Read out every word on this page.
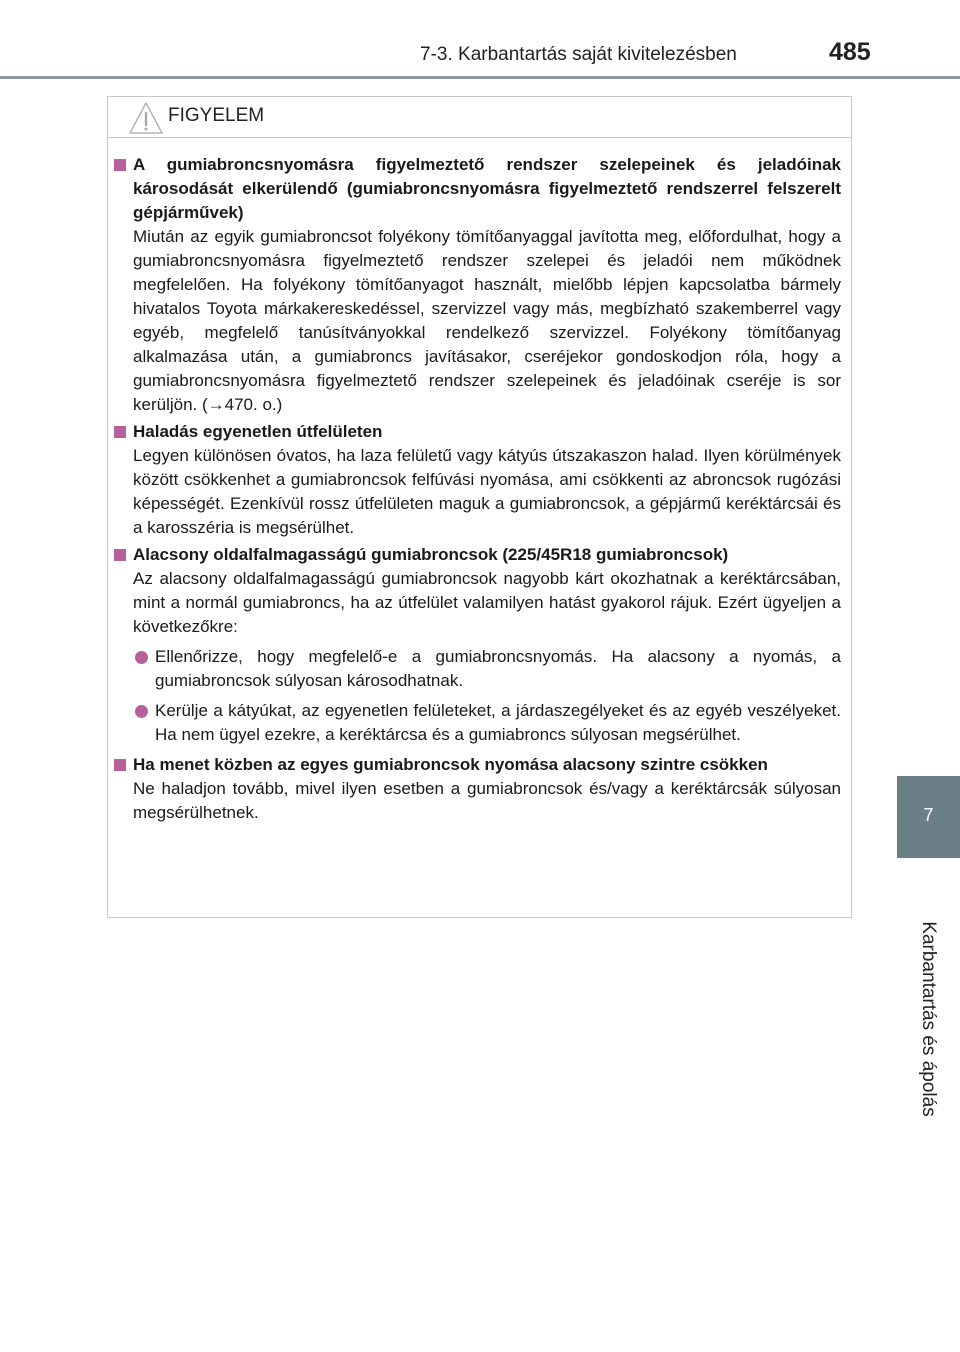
7-3. Karbantartás saját kivitelezésben	485
7
Karbantartás és ápolás
FIGYELEM
A gumiabroncsnyomásra figyelmeztető rendszer szelepeinek és jeladóinak károsodását elkerülendő (gumiabroncsnyomásra figyelmeztető rendszerrel felszerelt gépjárművek)
Miután az egyik gumiabroncsot folyékony tömítőanyaggal javította meg, előfordulhat, hogy a gumiabroncsnyomásra figyelmeztető rendszer szelepei és jeladói nem működnek megfelelően. Ha folyékony tömítőanyagot használt, mielőbb lépjen kapcsolatba bármely hivatalos Toyota márkakereskedéssel, szervizzel vagy más, megbízható szakemberrel vagy egyéb, megfelelő tanúsítványokkal rendelkező szervizzel. Folyékony tömítőanyag alkalmazása után, a gumiabroncs javításakor, cseréjekor gondoskodjon róla, hogy a gumiabroncsnyomásra figyelmeztető rendszer szelepeinek és jeladóinak cseréje is sor kerüljön. (→470. o.)
Haladás egyenetlen útfelületen
Legyen különösen óvatos, ha laza felületű vagy kátyús útszakaszon halad. Ilyen körülmények között csökkenhet a gumiabroncsok felfúvási nyomása, ami csökkenti az abroncsok rugózási képességét. Ezenkívül rossz útfelületen maguk a gumiabroncsok, a gépjármű keréktárcsái és a karosszéria is megsérülhet.
Alacsony oldalfalmagasságú gumiabroncsok (225/45R18 gumiabroncsok)
Az alacsony oldalfalmagasságú gumiabroncsok nagyobb kárt okozhatnak a keréktárcsában, mint a normál gumiabroncs, ha az útfelület valamilyen hatást gyakorol rájuk. Ezért ügyeljen a következőkre:
Ellenőrizze, hogy megfelelő-e a gumiabroncsnyomás. Ha alacsony a nyomás, a gumiabroncsok súlyosan károsodhatnak.
Kerülje a kátyúkat, az egyenetlen felületeket, a járdaszegélyeket és az egyéb veszélyeket. Ha nem ügyel ezekre, a keréktárcsa és a gumiabroncs súlyosan megsérülhet.
Ha menet közben az egyes gumiabroncsok nyomása alacsony szintre csökken
Ne haladjon tovább, mivel ilyen esetben a gumiabroncsok és/vagy a keréktárcsák súlyosan megsérülhetnek.
